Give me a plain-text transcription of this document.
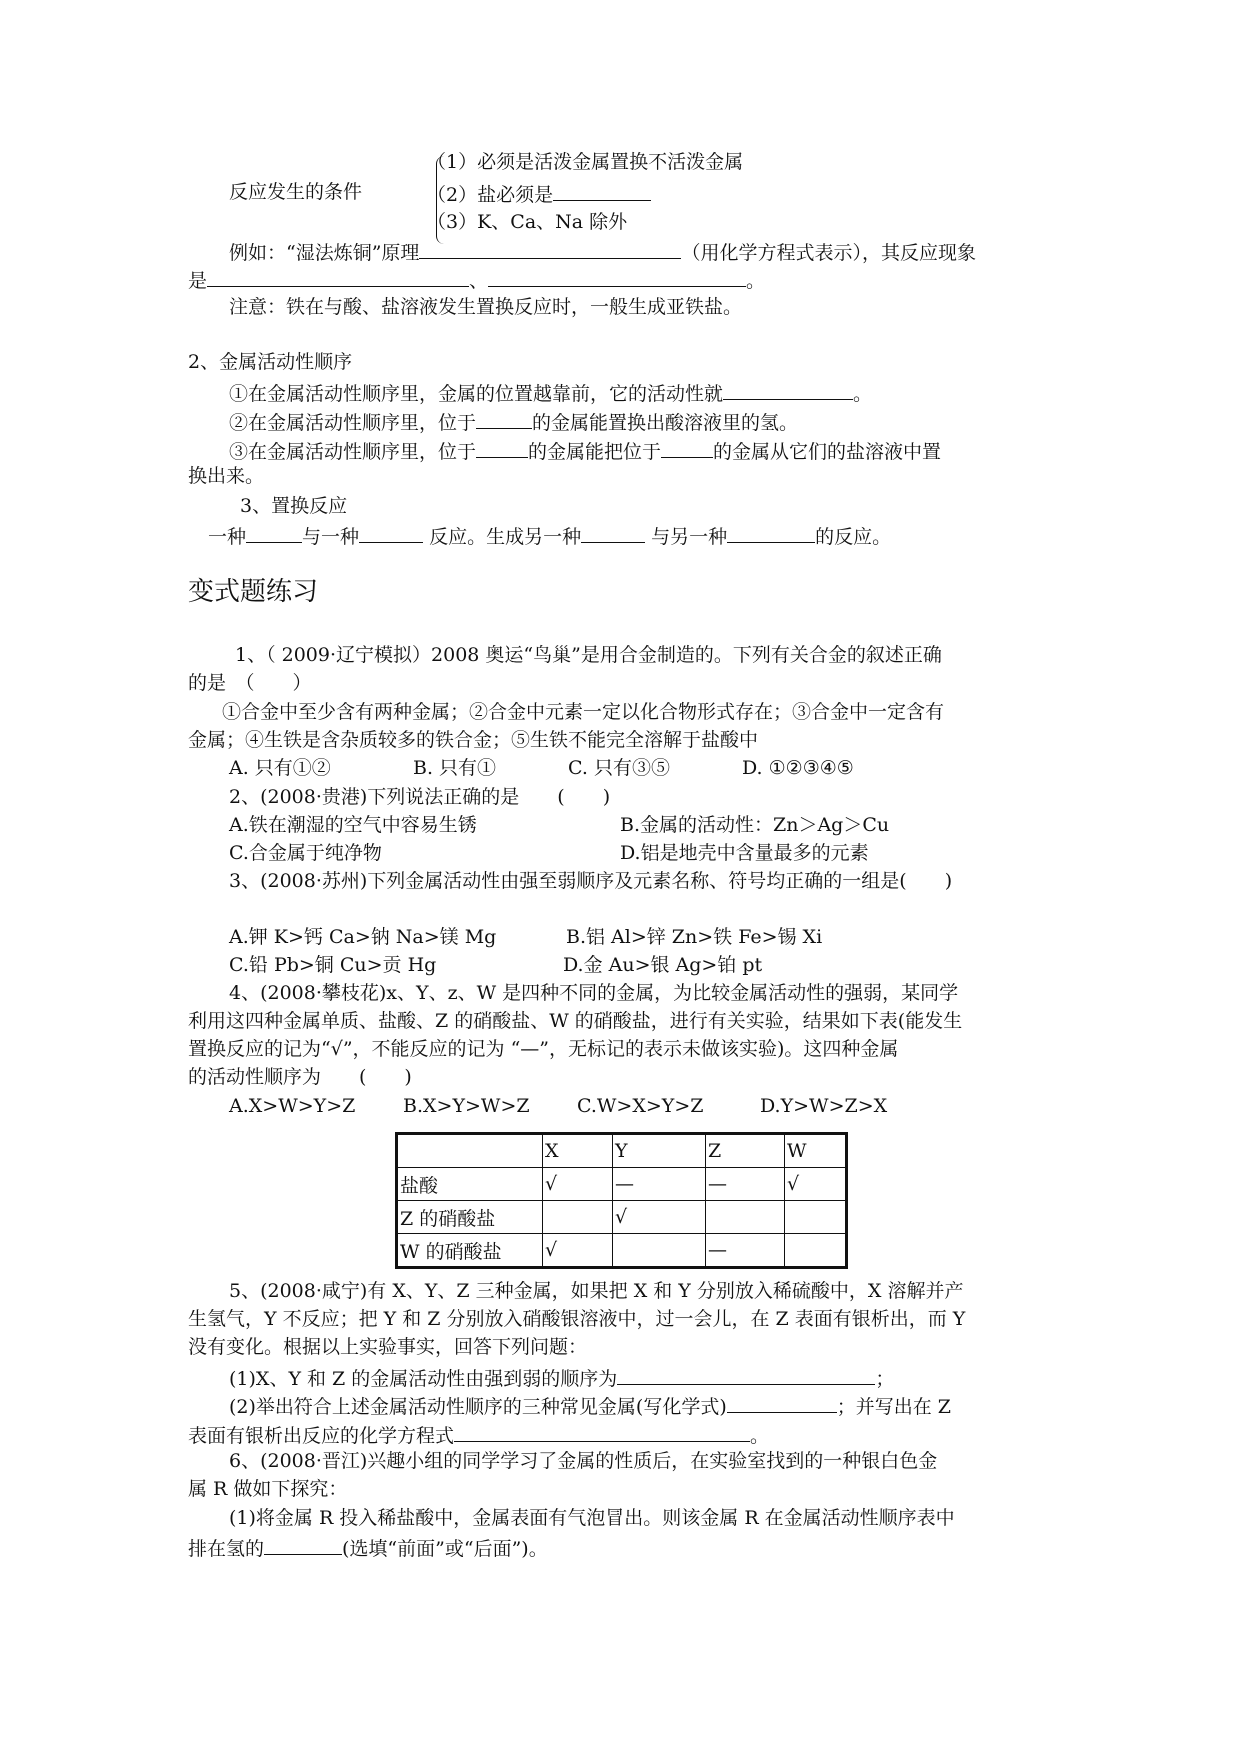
（1）必须是活泼金属置换不活泼金属
反应发生的条件	（2）盐必须是
（3）K、Ca、Na 除外
例如：“湿法炼铜”原理	（用化学方程式表示），其反应现象
是	、	。
注意：铁在与酸、盐溶液发生置换反应时，一般生成亚铁盐。
2、金属活动性顺序
①在金属活动性顺序里，金属的位置越靠前，它的活动性就	。
②在金属活动性顺序里，位于	的金属能置换出酸溶液里的氢。
③在金属活动性顺序里，位于	的金属能把位于	的金属从它们的盐溶液中置
换出来。
3、置换反应
一种	与一种	反应。生成另一种	与另一种	的反应。
变式题练习
1、（ 2009·辽宁模拟）2008 奥运“鸟巢”是用合金制造的。下列有关合金的叙述正确
的是　（　　）
①合金中至少含有两种金属；②合金中元素一定以化合物形式存在；③合金中一定含有
金属；④生铁是含杂质较多的铁合金；⑤生铁不能完全溶解于盐酸中
A. 只有①②	B. 只有①	C. 只有③⑤	D. ①②③④⑤
2、(2008·贵港)下列说法正确的是　　(　　)
A.铁在潮湿的空气中容易生锈	B.金属的活动性：Zn＞Ag＞Cu
C.合金属于纯净物	D.铝是地壳中含量最多的元素
3、(2008·苏州)下列金属活动性由强至弱顺序及元素名称、符号均正确的一组是(　　)
A.钾 K>钙 Ca>钠 Na>镁 Mg	B.铝 Al>锌 Zn>铁 Fe>锡 Xi
C.铅 Pb>铜 Cu>贡 Hg	D.金 Au>银 Ag>铂 pt
4、(2008·攀枝花)x、Y、z、W 是四种不同的金属，为比较金属活动性的强弱，某同学
利用这四种金属单质、盐酸、Z 的硝酸盐、W 的硝酸盐，进行有关实验，结果如下表(能发生
置换反应的记为“√”，不能反应的记为 “—”，无标记的表示未做该实验)。这四种金属
的活动性顺序为　　(　　)
A.X>W>Y>Z	B.X>Y>W>Z C.W>X>Y>Z	D.Y>W>Z>X
	X	Y	Z	W
盐酸	√	—	—	√
Z 的硝酸盐		√		
W 的硝酸盐	√		—	
5、(2008·咸宁)有 X、Y、Z 三种金属，如果把 X 和 Y 分别放入稀硫酸中，X 溶解并产
生氢气，Y 不反应；把 Y 和 Z 分别放入硝酸银溶液中，过一会儿，在 Z 表面有银析出，而 Y
没有变化。根据以上实验事实，回答下列问题：
(1)X、Y 和 Z 的金属活动性由强到弱的顺序为	；
(2)举出符合上述金属活动性顺序的三种常见金属(写化学式)	；并写出在 Z
表面有银析出反应的化学方程式	。
6、(2008·晋江)兴趣小组的同学学习了金属的性质后，在实验室找到的一种银白色金
属 R 做如下探究：
(1)将金属 R 投入稀盐酸中，金属表面有气泡冒出。则该金属 R 在金属活动性顺序表中
排在氢的	(选填“前面”或“后面”)。
